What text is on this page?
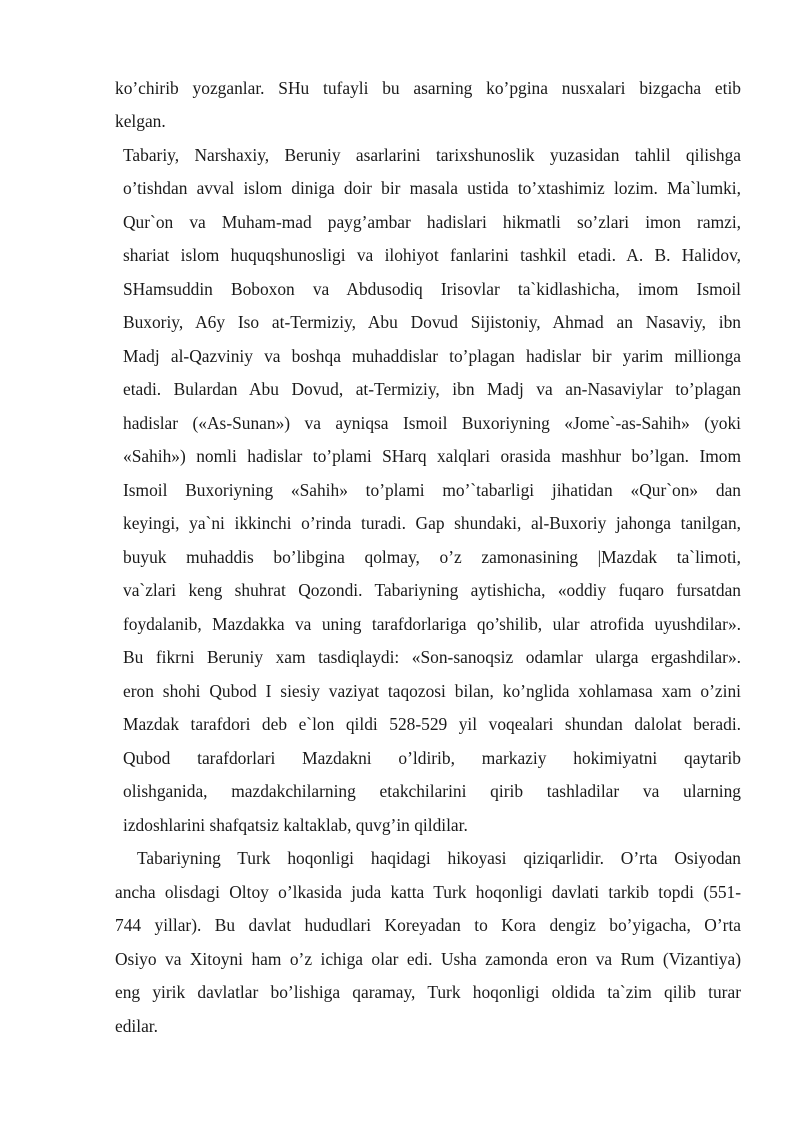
ko’chirib yozganlar. SHu tufayli bu asarning ko’pgina nusxalari bizgacha etib

kelgan.

Tabariy, Narshaxiy, Beruniy asarlarini tarixshunoslik yuzasidan tahlil qilishga

o’tishdan avval islom diniga doir bir masala ustida to’xtashimiz lozim. Ma`lumki,

Qur`on va Muham-mad payg’ambar hadislari hikmatli so’zlari imon ramzi,

shariat islom huquqshunosligi va ilohiyot fanlarini tashkil etadi. A. B. Halidov,

SHamsuddin Boboxon va Abdusodiq Irisovlar ta`kidlashicha, imom Ismoil

Buxoriy, A6y Iso at-Termiziy, Abu Dovud Sijistoniy, Ahmad an Nasaviy, ibn

Madj al-Qazviniy va boshqa muhaddislar to’plagan hadislar bir yarim millionga

etadi. Bulardan Abu Dovud, at-Termiziy, ibn Madj va an-Nasaviylar to’plagan

hadislar («As-Sunan») va ayniqsa Ismoil Buxoriyning «Jome`-as-Sahih» (yoki

«Sahih») nomli hadislar to’plami SHarq xalqlari orasida mashhur bo’lgan. Imom

Ismoil Buxoriyning «Sahih» to’plami mo’`tabarligi jihatidan «Qur`on» dan

keyingi, ya`ni ikkinchi o’rinda turadi. Gap shundaki, al-Buxoriy jahonga tanilgan,

buyuk muhaddis bo’libgina qolmay, o’z zamonasining |Mazdak ta`limoti,

va`zlari keng shuhrat Qozondi. Tabariyning aytishicha, «oddiy fuqaro fursatdan

foydalanib, Mazdakka va uning tarafdorlariga qo’shilib, ular atrofida uyushdilar».

Bu fikrni Beruniy xam tasdiqlaydi: «Son-sanoqsiz odamlar ularga ergashdilar».

eron shohi Qubod I siesiy vaziyat taqozosi bilan, ko’nglida xohlamasa xam o’zini

Mazdak tarafdori deb e`lon qildi 528-529 yil voqealari shundan dalolat beradi.

Qubod tarafdorlari Mazdakni o’ldirib, markaziy hokimiyatni qaytarib

olishganida, mazdakchilarning etakchilarini qirib tashladilar va ularning

izdoshlarini shafqatsiz kaltaklab, quvg’in qildilar.

Tabariyning Turk hoqonligi haqidagi hikoyasi qiziqarlidir. O’rta Osiyodan

ancha olisdagi Oltoy o’lkasida juda katta Turk hoqonligi davlati tarkib topdi (551-

744 yillar). Bu davlat hududlari Koreyadan to Kora dengiz bo’yigacha, O’rta

Osiyo va Xitoyni ham o’z ichiga olar edi. Usha zamonda eron va Rum (Vizantiya)

eng yirik davlatlar bo’lishiga qaramay, Turk hoqonligi oldida ta`zim qilib turar

edilar.
